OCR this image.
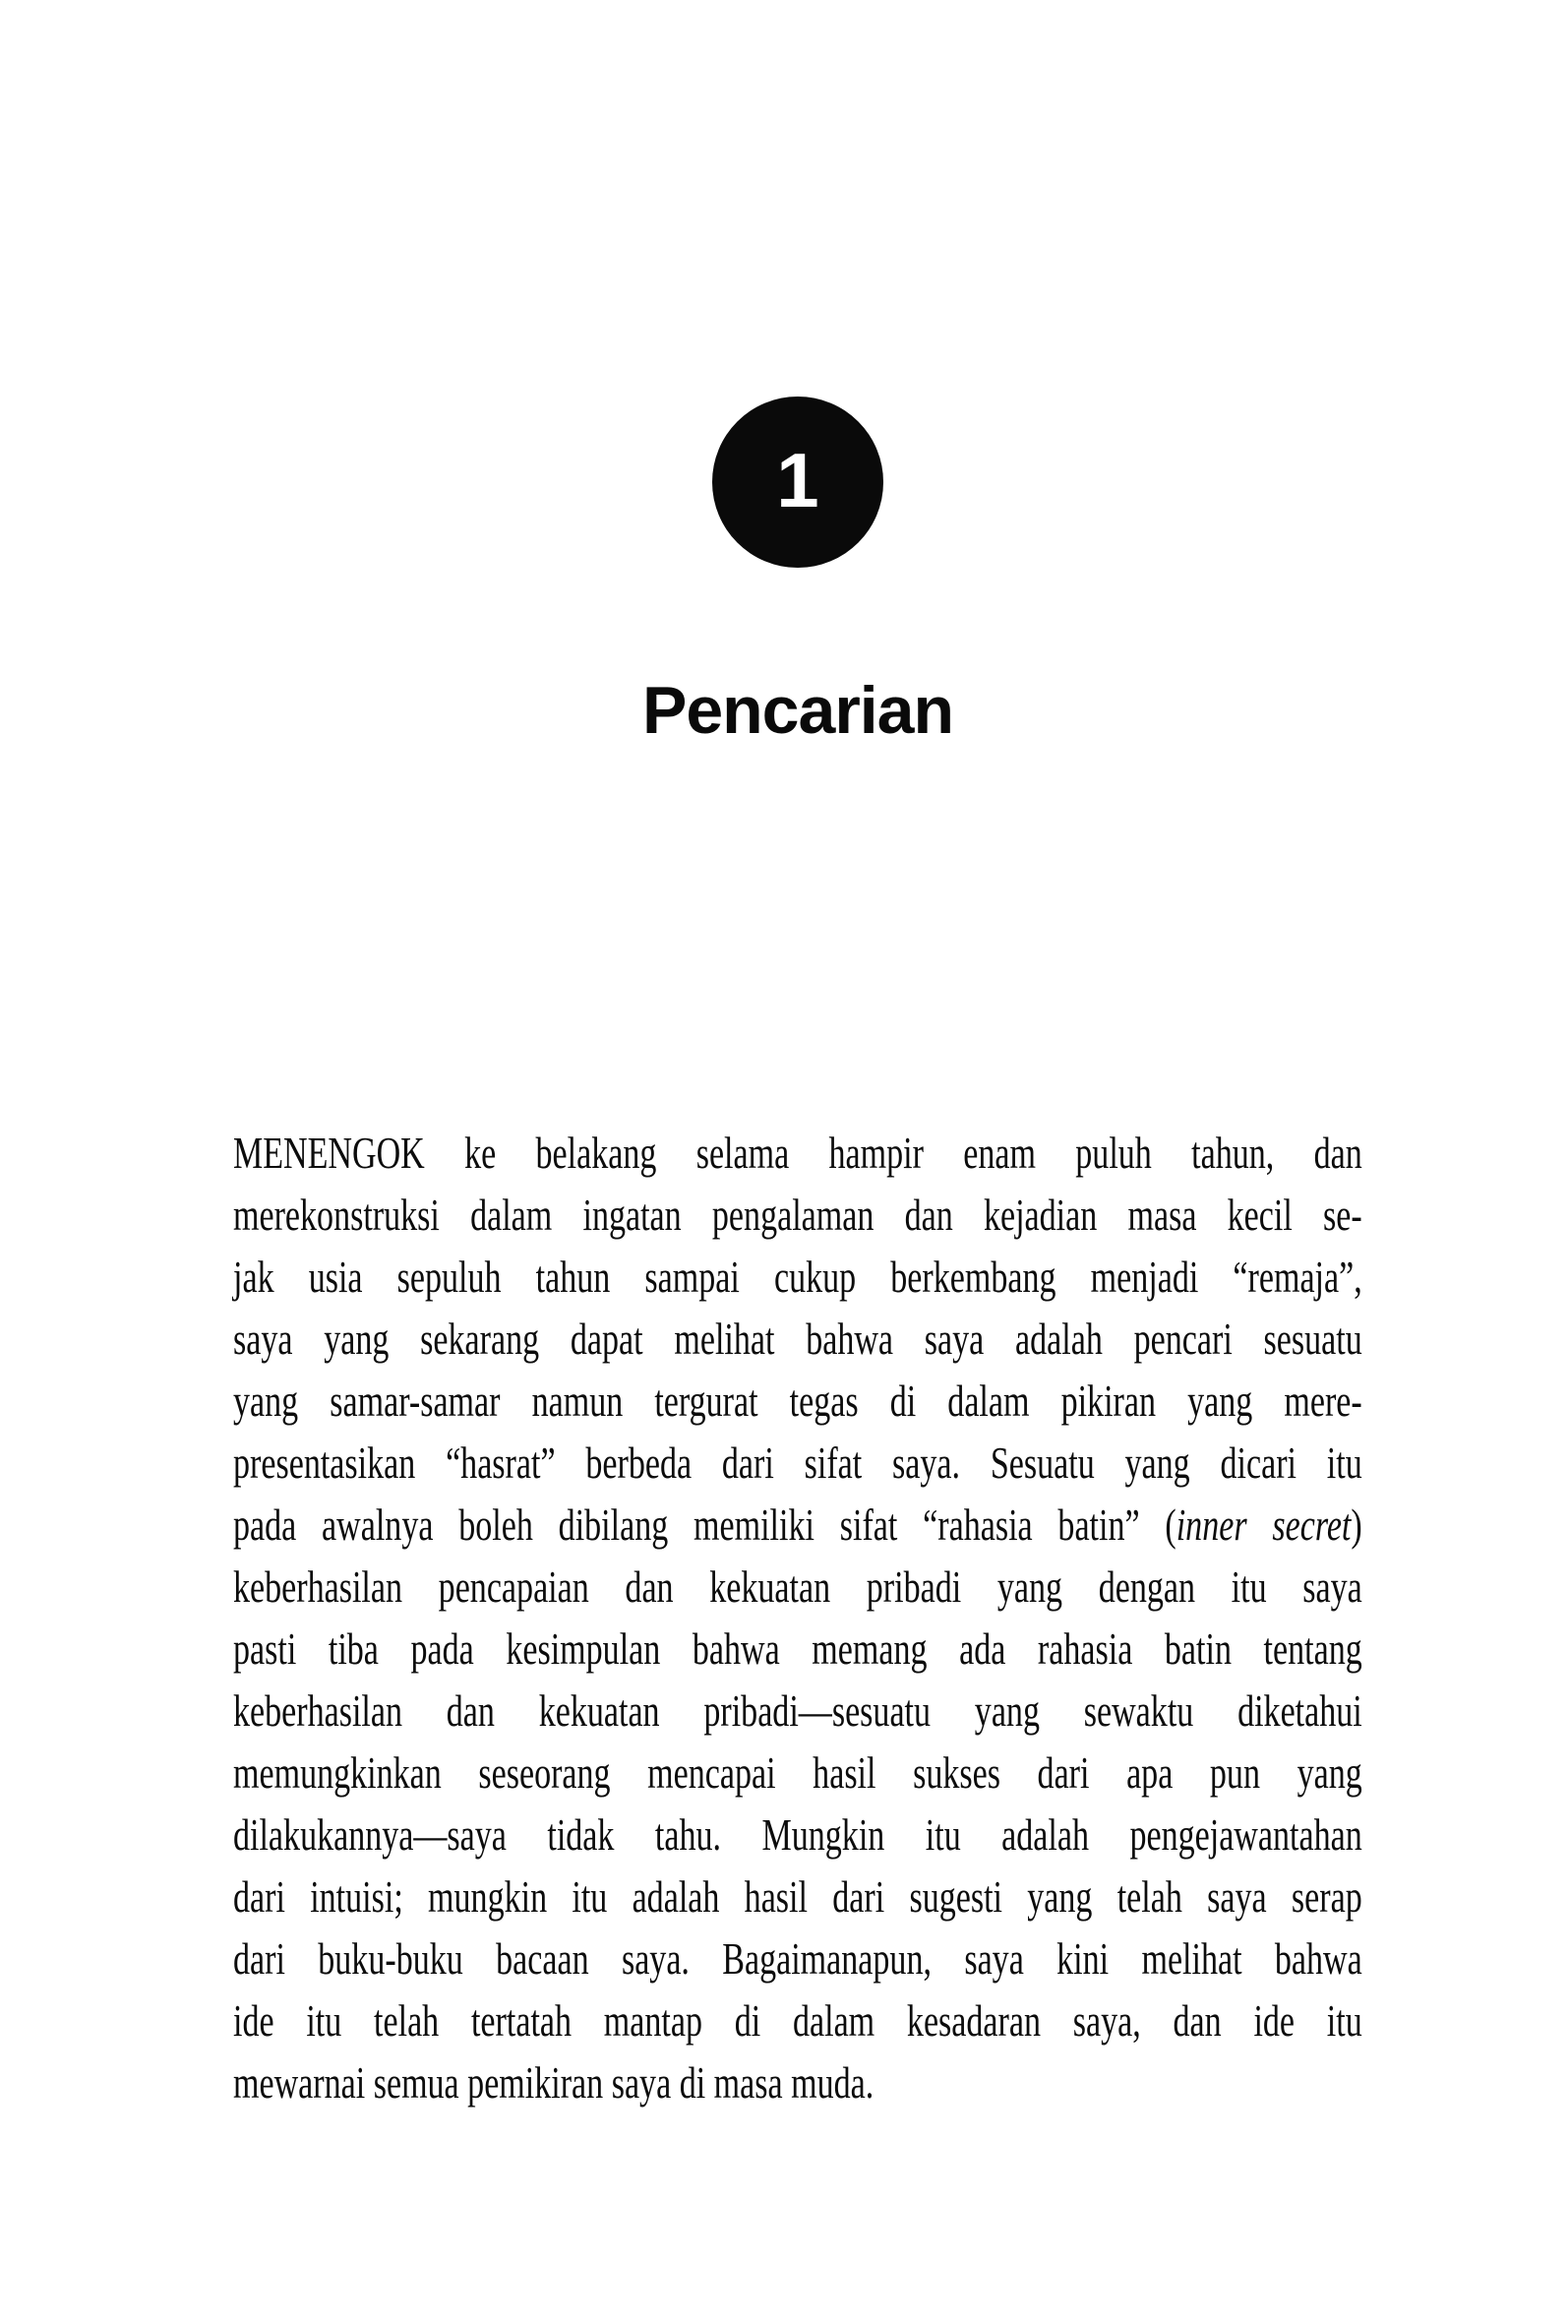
1
Pencarian
MENENGOK ke belakang selama hampir enam puluh tahun, dan
merekonstruksi dalam ingatan pengalaman dan kejadian masa kecil se-
jak usia sepuluh tahun sampai cukup berkembang menjadi “remaja”,
saya yang sekarang dapat melihat bahwa saya adalah pencari sesuatu
yang samar-samar namun tergurat tegas di dalam pikiran yang mere-
presentasikan “hasrat” berbeda dari sifat saya. Sesuatu yang dicari itu
pada awalnya boleh dibilang memiliki sifat “rahasia batin” (inner secret)
keberhasilan pencapaian dan kekuatan pribadi yang dengan itu saya
pasti tiba pada kesimpulan bahwa memang ada rahasia batin tentang
keberhasilan dan kekuatan pribadi—sesuatu yang sewaktu diketahui
memungkinkan seseorang mencapai hasil sukses dari apa pun yang
dilakukannya—saya tidak tahu. Mungkin itu adalah pengejawantahan
dari intuisi; mungkin itu adalah hasil dari sugesti yang telah saya serap
dari buku-buku bacaan saya. Bagaimanapun, saya kini melihat bahwa
ide itu telah tertatah mantap di dalam kesadaran saya, dan ide itu
mewarnai semua pemikiran saya di masa muda.
